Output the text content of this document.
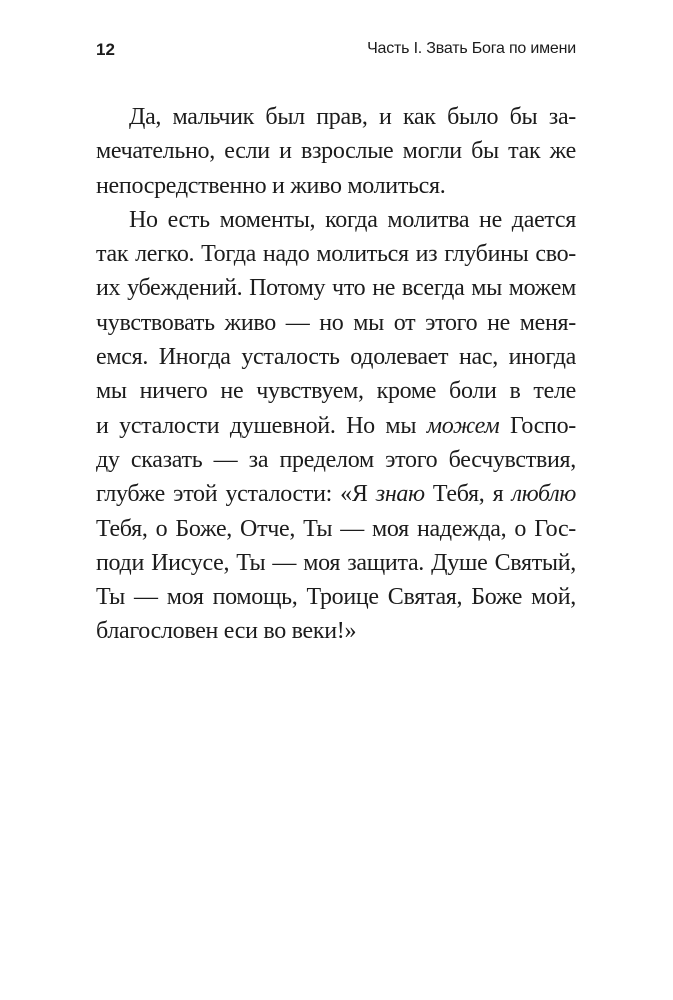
12	Часть I. Звать Бога по имени
Да, мальчик был прав, и как было бы за-
мечательно, если и взрослые могли бы так же
непосредственно и живо молиться.
Но есть моменты, когда молитва не дается
так легко. Тогда надо молиться из глубины сво-
их убеждений. Потому что не всегда мы можем
чувствовать живо — но мы от этого не меня-
емся. Иногда усталость одолевает нас, иногда
мы ничего не чувствуем, кроме боли в теле
и усталости душевной. Но мы можем Госпо-
ду сказать — за пределом этого бесчувствия,
глубже этой усталости: «Я знаю Тебя, я люблю
Тебя, о Боже, Отче, Ты — моя надежда, о Гос-
поди Иисусе, Ты — моя защита. Душе Святый,
Ты — моя помощь, Троице Святая, Боже мой,
благословен еси во веки!»
